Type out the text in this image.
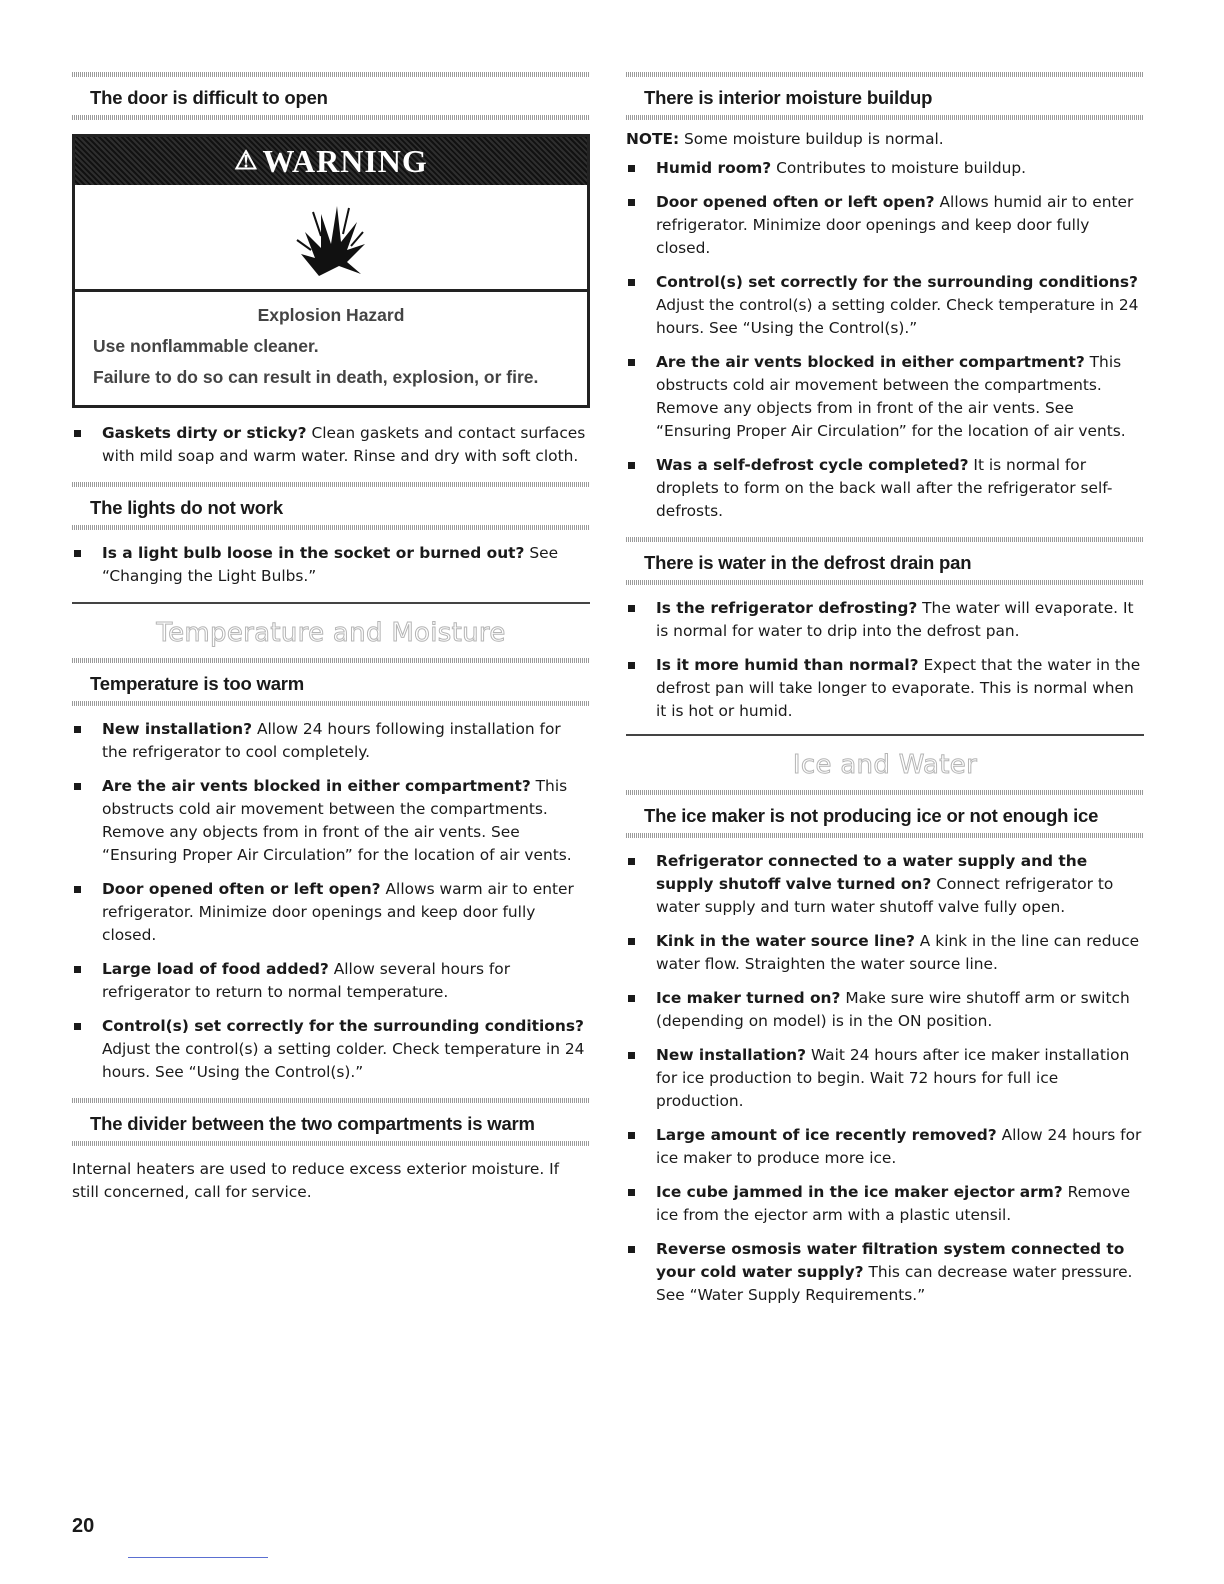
The door is difficult to open
⚠ WARNING
Explosion Hazard
Use nonflammable cleaner.
Failure to do so can result in death, explosion, or fire.
Gaskets dirty or sticky? Clean gaskets and contact surfaces with mild soap and warm water. Rinse and dry with soft cloth.
The lights do not work
Is a light bulb loose in the socket or burned out? See “Changing the Light Bulbs.”
Temperature and Moisture
Temperature is too warm
New installation? Allow 24 hours following installation for the refrigerator to cool completely.
Are the air vents blocked in either compartment? This obstructs cold air movement between the compartments. Remove any objects from in front of the air vents. See “Ensuring Proper Air Circulation” for the location of air vents.
Door opened often or left open? Allows warm air to enter refrigerator. Minimize door openings and keep door fully closed.
Large load of food added? Allow several hours for refrigerator to return to normal temperature.
Control(s) set correctly for the surrounding conditions? Adjust the control(s) a setting colder. Check temperature in 24 hours. See “Using the Control(s).”
The divider between the two compartments is warm

Internal heaters are used to reduce excess exterior moisture. If still concerned, call for service.

There is interior moisture buildup

NOTE: Some moisture buildup is normal.

Humid room? Contributes to moisture buildup.
Door opened often or left open? Allows humid air to enter refrigerator. Minimize door openings and keep door fully closed.
Control(s) set correctly for the surrounding conditions? Adjust the control(s) a setting colder. Check temperature in 24 hours. See “Using the Control(s).”
Are the air vents blocked in either compartment? This obstructs cold air movement between the compartments. Remove any objects from in front of the air vents. See “Ensuring Proper Air Circulation” for the location of air vents.
Was a self-defrost cycle completed? It is normal for droplets to form on the back wall after the refrigerator self-defrosts.
There is water in the defrost drain pan
Is the refrigerator defrosting? The water will evaporate. It is normal for water to drip into the defrost pan.
Is it more humid than normal? Expect that the water in the defrost pan will take longer to evaporate. This is normal when it is hot or humid.
Ice and Water
The ice maker is not producing ice or not enough ice
Refrigerator connected to a water supply and the supply shutoff valve turned on? Connect refrigerator to water supply and turn water shutoff valve fully open.
Kink in the water source line? A kink in the line can reduce water flow. Straighten the water source line.
Ice maker turned on? Make sure wire shutoff arm or switch (depending on model) is in the ON position.
New installation? Wait 24 hours after ice maker installation for ice production to begin. Wait 72 hours for full ice production.
Large amount of ice recently removed? Allow 24 hours for ice maker to produce more ice.
Ice cube jammed in the ice maker ejector arm? Remove ice from the ejector arm with a plastic utensil.
Reverse osmosis water filtration system connected to your cold water supply? This can decrease water pressure. See “Water Supply Requirements.”
20
